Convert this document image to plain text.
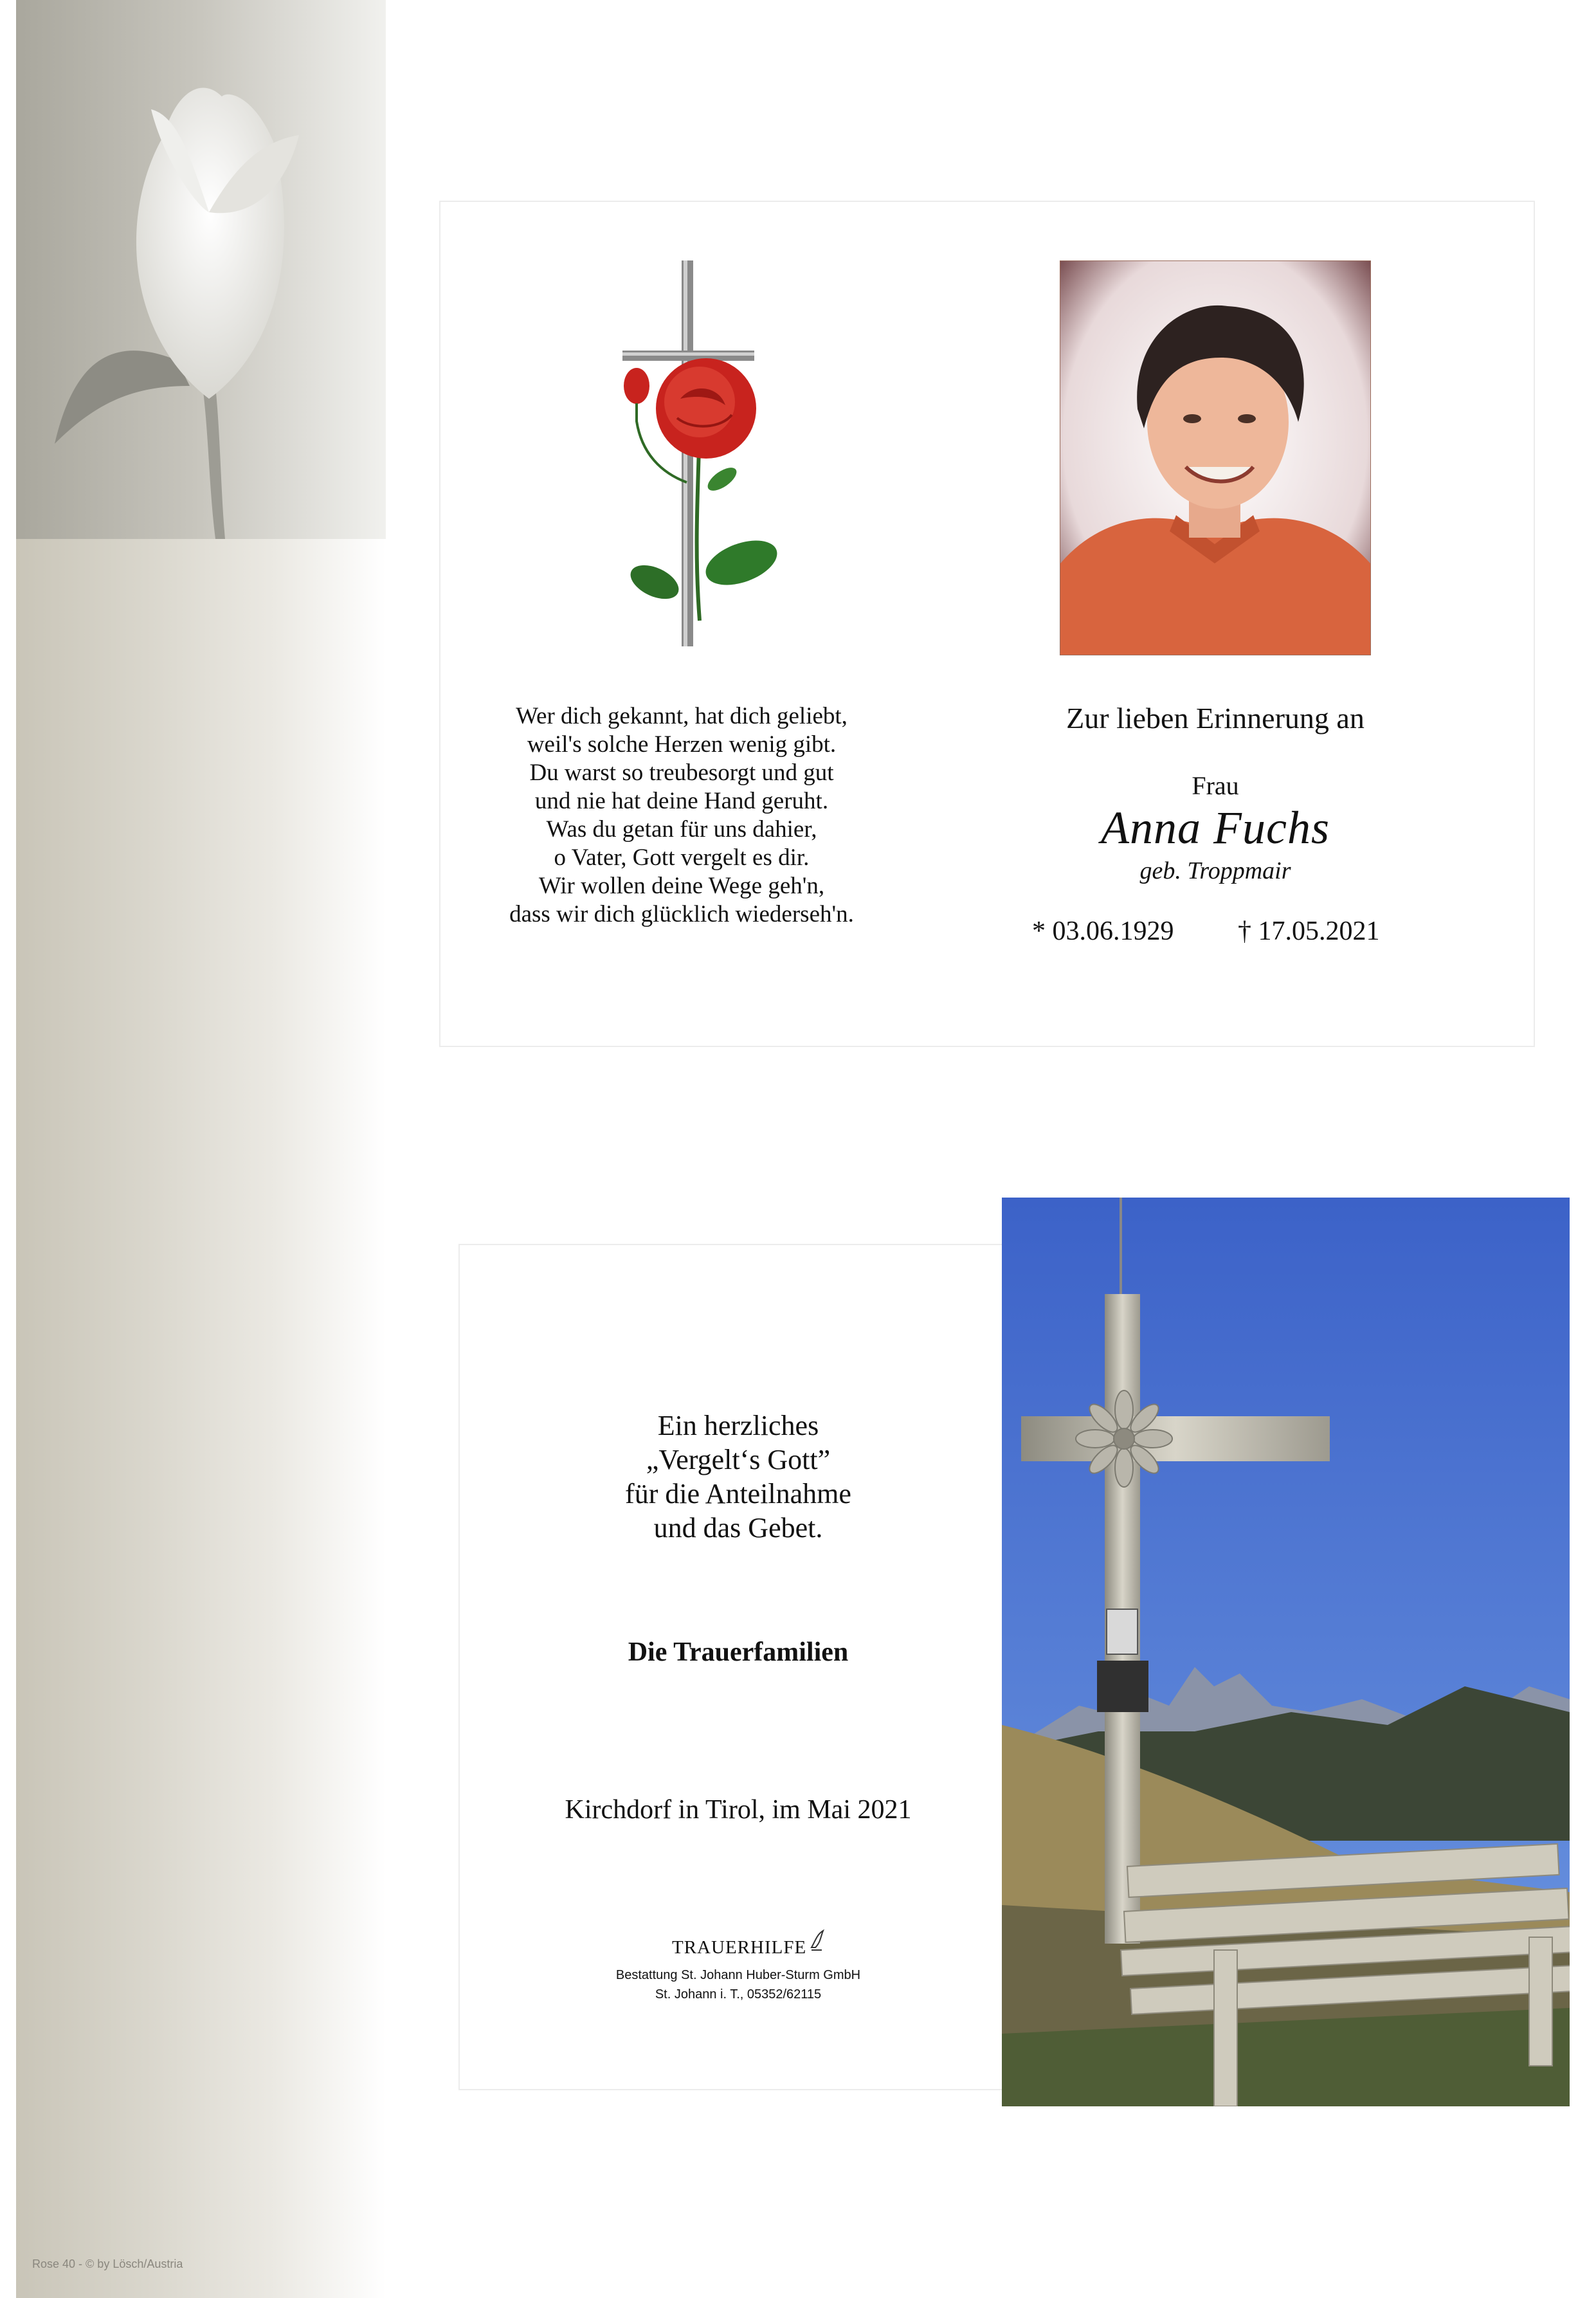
Rose 40 - © by Lösch/Austria
Wer dich gekannt, hat dich geliebt,
weil's solche Herzen wenig gibt.
Du warst so treubesorgt und gut
und nie hat deine Hand geruht.
Was du getan für uns dahier,
o Vater, Gott vergelt es dir.
Wir wollen deine Wege geh'n,
dass wir dich glücklich wiederseh'n.
Zur lieben Erinnerung an
Frau
Anna Fuchs
geb. Troppmair
* 03.06.1929 † 17.05.2021
Ein herzliches
„Vergelt‘s Gott”
für die Anteilnahme
und das Gebet.
Die Trauerfamilien
Kirchdorf in Tirol, im Mai 2021
TRAUERHILFE
Bestattung St. Johann Huber-Sturm GmbH
St. Johann i. T., 05352/62115
